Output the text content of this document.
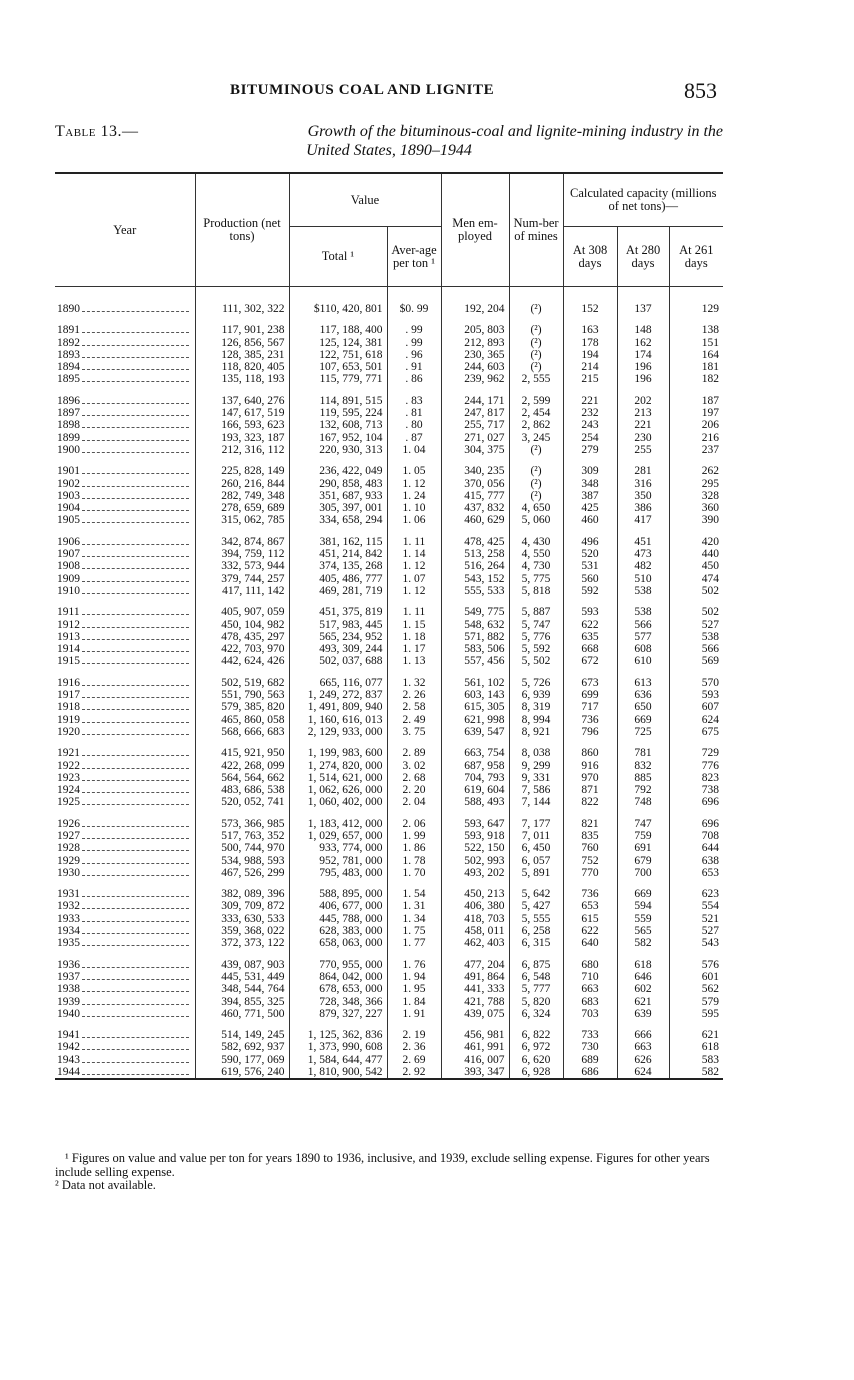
BITUMINOUS COAL AND LIGNITE	853
Table 13.—	Growth of the bituminous-coal and lignite-mining industry in the
United States, 1890–1944
Year	Production (net tons)	Value		Men em-ployed	Num-ber of mines	Calculated capacity (millions of net tons)—		
		Total ¹	Aver-age per ton ¹			At 308 days	At 280 days	At 261 days

1890	111, 302, 322	$110, 420, 801	$0. 99	192, 204	(²)	152	137	129

1891	117, 901, 238	117, 188, 400	. 99	205, 803	(²)	163	148	138

1892	126, 856, 567	125, 124, 381	. 99	212, 893	(²)	178	162	151

1893	128, 385, 231	122, 751, 618	. 96	230, 365	(²)	194	174	164

1894	118, 820, 405	107, 653, 501	. 91	244, 603	(²)	214	196	181

1895	135, 118, 193	115, 779, 771	. 86	239, 962	2, 555	215	196	182

1896	137, 640, 276	114, 891, 515	. 83	244, 171	2, 599	221	202	187

1897	147, 617, 519	119, 595, 224	. 81	247, 817	2, 454	232	213	197

1898	166, 593, 623	132, 608, 713	. 80	255, 717	2, 862	243	221	206

1899	193, 323, 187	167, 952, 104	. 87	271, 027	3, 245	254	230	216

1900	212, 316, 112	220, 930, 313	1. 04	304, 375	(²)	279	255	237

1901	225, 828, 149	236, 422, 049	1. 05	340, 235	(²)	309	281	262

1902	260, 216, 844	290, 858, 483	1. 12	370, 056	(²)	348	316	295

1903	282, 749, 348	351, 687, 933	1. 24	415, 777	(²)	387	350	328

1904	278, 659, 689	305, 397, 001	1. 10	437, 832	4, 650	425	386	360

1905	315, 062, 785	334, 658, 294	1. 06	460, 629	5, 060	460	417	390

1906	342, 874, 867	381, 162, 115	1. 11	478, 425	4, 430	496	451	420

1907	394, 759, 112	451, 214, 842	1. 14	513, 258	4, 550	520	473	440

1908	332, 573, 944	374, 135, 268	1. 12	516, 264	4, 730	531	482	450

1909	379, 744, 257	405, 486, 777	1. 07	543, 152	5, 775	560	510	474

1910	417, 111, 142	469, 281, 719	1. 12	555, 533	5, 818	592	538	502

1911	405, 907, 059	451, 375, 819	1. 11	549, 775	5, 887	593	538	502

1912	450, 104, 982	517, 983, 445	1. 15	548, 632	5, 747	622	566	527

1913	478, 435, 297	565, 234, 952	1. 18	571, 882	5, 776	635	577	538

1914	422, 703, 970	493, 309, 244	1. 17	583, 506	5, 592	668	608	566

1915	442, 624, 426	502, 037, 688	1. 13	557, 456	5, 502	672	610	569

1916	502, 519, 682	665, 116, 077	1. 32	561, 102	5, 726	673	613	570

1917	551, 790, 563	1, 249, 272, 837	2. 26	603, 143	6, 939	699	636	593

1918	579, 385, 820	1, 491, 809, 940	2. 58	615, 305	8, 319	717	650	607

1919	465, 860, 058	1, 160, 616, 013	2. 49	621, 998	8, 994	736	669	624

1920	568, 666, 683	2, 129, 933, 000	3. 75	639, 547	8, 921	796	725	675

1921	415, 921, 950	1, 199, 983, 600	2. 89	663, 754	8, 038	860	781	729

1922	422, 268, 099	1, 274, 820, 000	3. 02	687, 958	9, 299	916	832	776

1923	564, 564, 662	1, 514, 621, 000	2. 68	704, 793	9, 331	970	885	823

1924	483, 686, 538	1, 062, 626, 000	2. 20	619, 604	7, 586	871	792	738

1925	520, 052, 741	1, 060, 402, 000	2. 04	588, 493	7, 144	822	748	696

1926	573, 366, 985	1, 183, 412, 000	2. 06	593, 647	7, 177	821	747	696

1927	517, 763, 352	1, 029, 657, 000	1. 99	593, 918	7, 011	835	759	708

1928	500, 744, 970	933, 774, 000	1. 86	522, 150	6, 450	760	691	644

1929	534, 988, 593	952, 781, 000	1. 78	502, 993	6, 057	752	679	638

1930	467, 526, 299	795, 483, 000	1. 70	493, 202	5, 891	770	700	653

1931	382, 089, 396	588, 895, 000	1. 54	450, 213	5, 642	736	669	623

1932	309, 709, 872	406, 677, 000	1. 31	406, 380	5, 427	653	594	554

1933	333, 630, 533	445, 788, 000	1. 34	418, 703	5, 555	615	559	521

1934	359, 368, 022	628, 383, 000	1. 75	458, 011	6, 258	622	565	527

1935	372, 373, 122	658, 063, 000	1. 77	462, 403	6, 315	640	582	543

1936	439, 087, 903	770, 955, 000	1. 76	477, 204	6, 875	680	618	576

1937	445, 531, 449	864, 042, 000	1. 94	491, 864	6, 548	710	646	601

1938	348, 544, 764	678, 653, 000	1. 95	441, 333	5, 777	663	602	562

1939	394, 855, 325	728, 348, 366	1. 84	421, 788	5, 820	683	621	579

1940	460, 771, 500	879, 327, 227	1. 91	439, 075	6, 324	703	639	595

1941	514, 149, 245	1, 125, 362, 836	2. 19	456, 981	6, 822	733	666	621

1942	582, 692, 937	1, 373, 990, 608	2. 36	461, 991	6, 972	730	663	618

1943	590, 177, 069	1, 584, 644, 477	2. 69	416, 007	6, 620	689	626	583

1944	619, 576, 240	1, 810, 900, 542	2. 92	393, 347	6, 928	686	624	582

¹ Figures on value and value per ton for years 1890 to 1936, inclusive, and 1939, exclude selling expense. Figures for other years include selling expense.

² Data not available.
